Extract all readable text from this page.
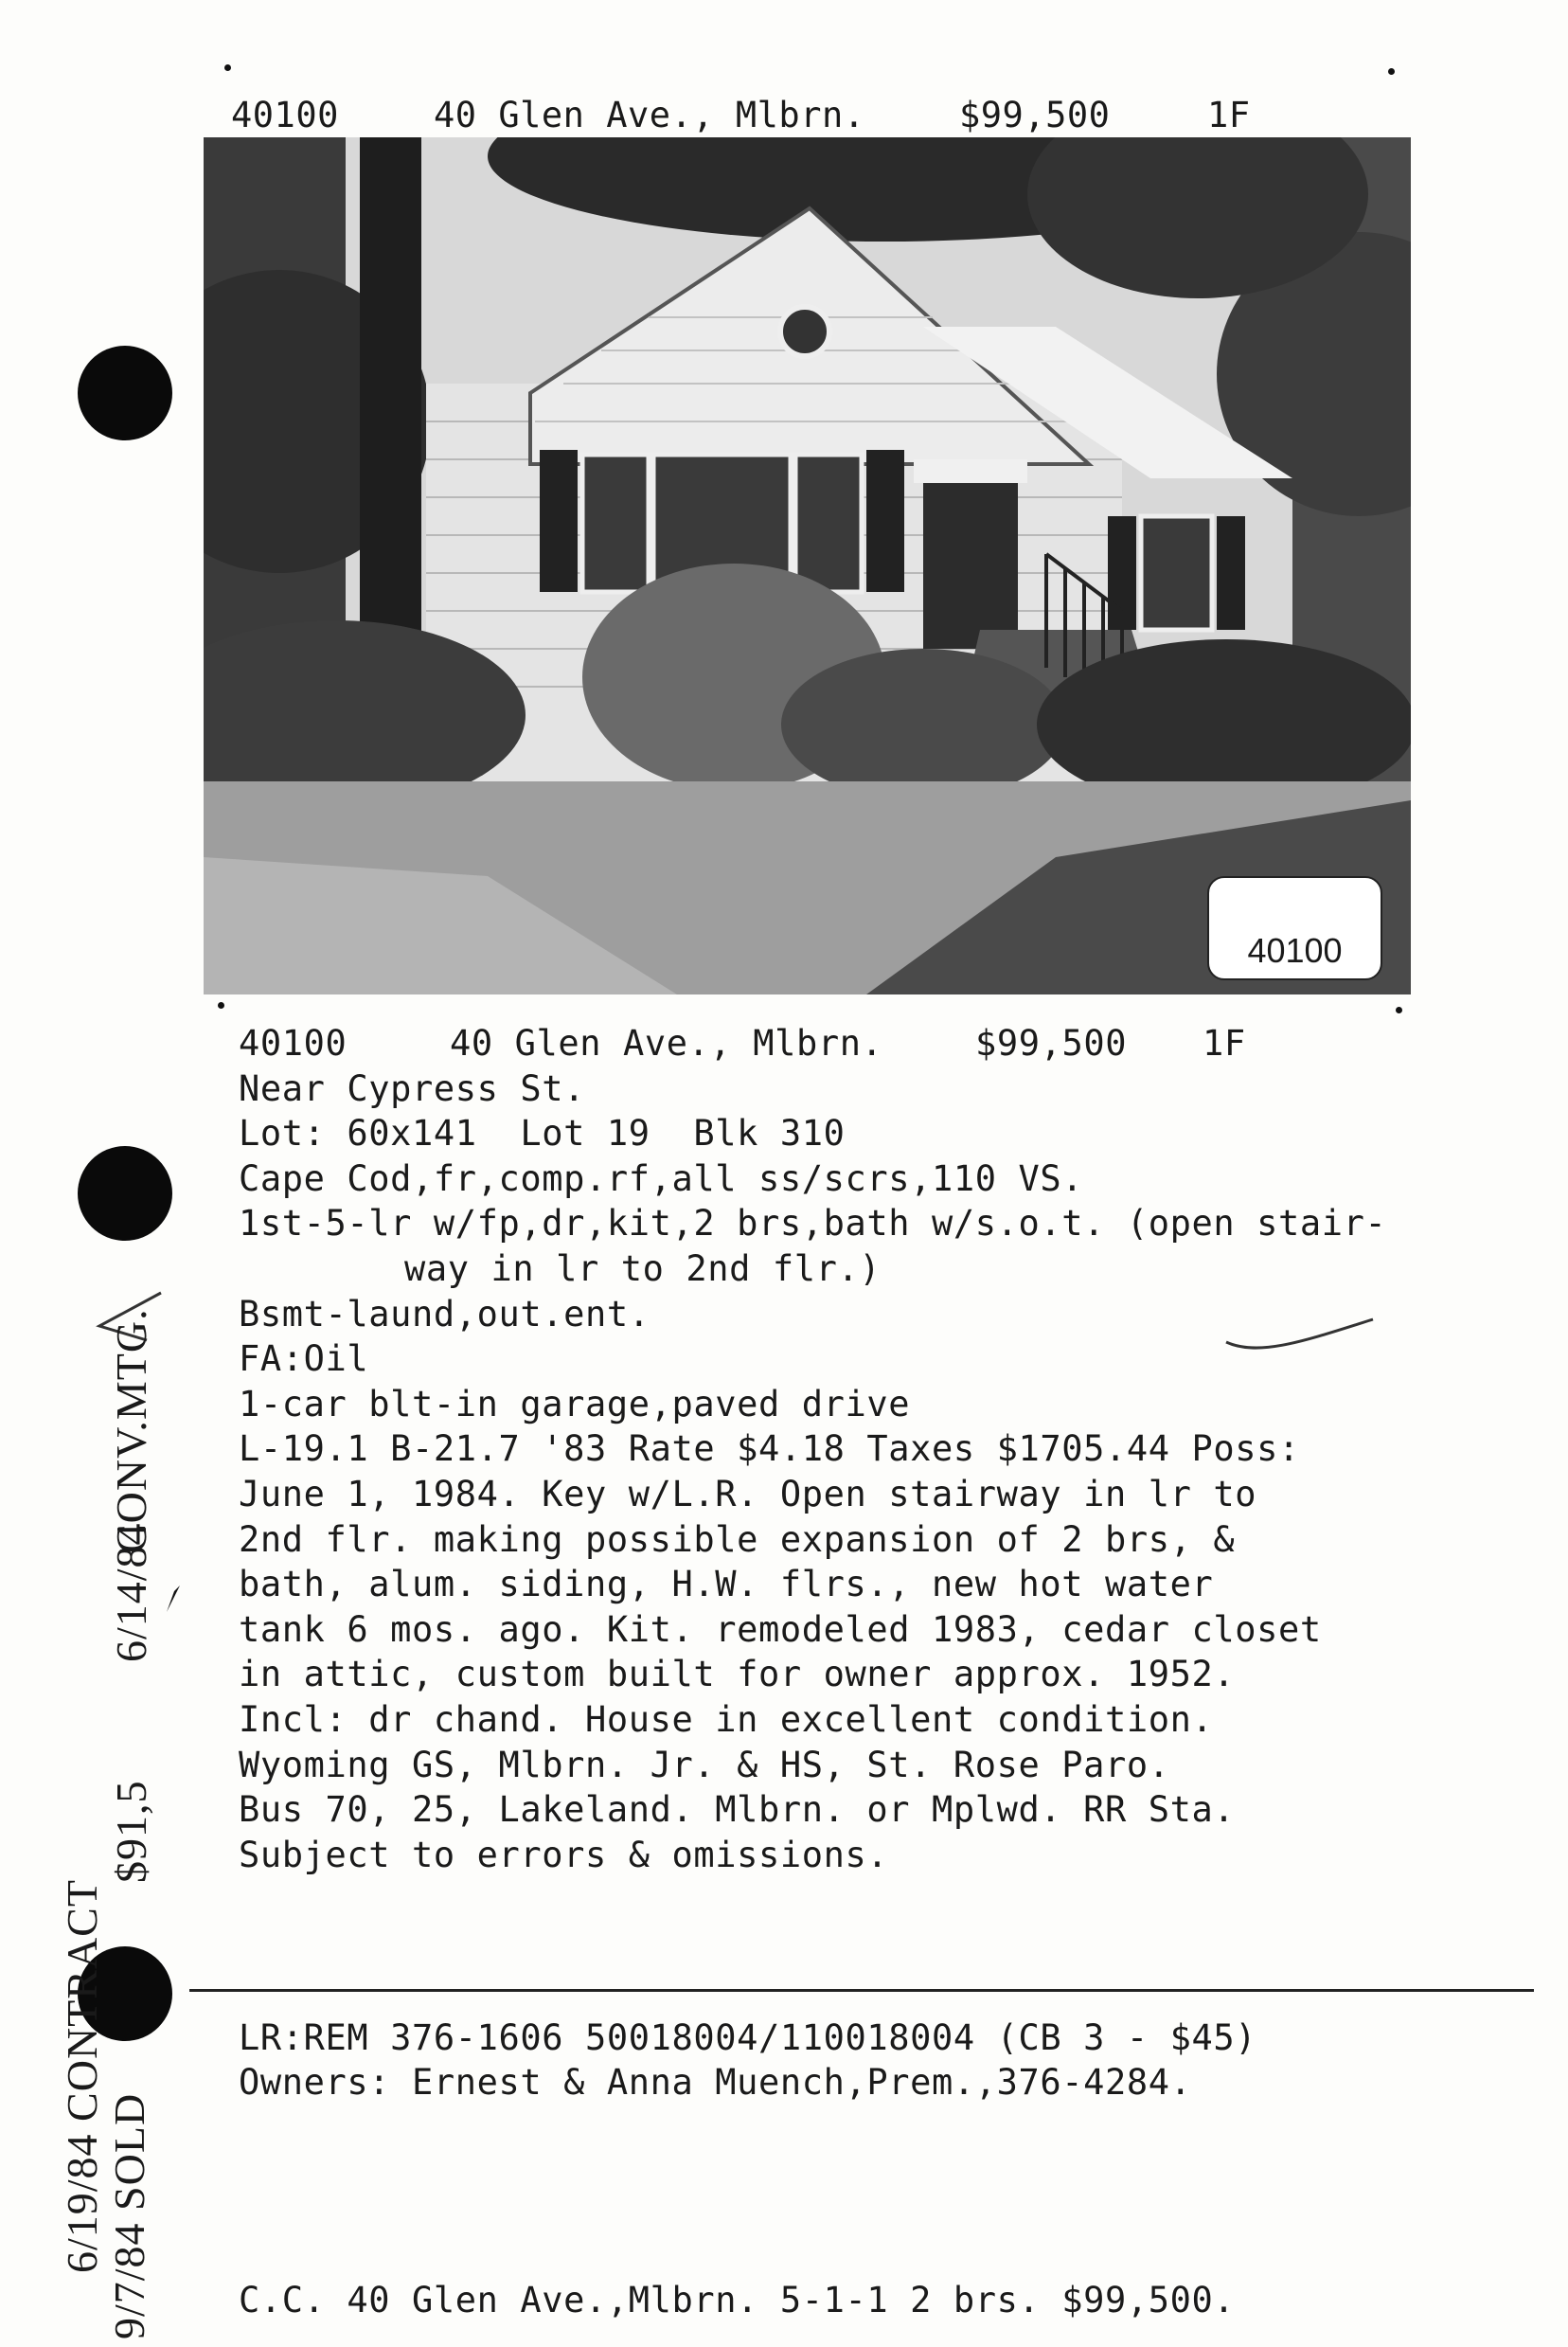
40100	40 Glen Ave., Mlbrn.	$99,500	1F
40100
40100	40 Glen Ave., Mlbrn.	$99,500	1F
Near Cypress St.
Lot: 60x141  Lot 19  Blk 310
Cape Cod,fr,comp.rf,all ss/scrs,110 VS.
1st-5-lr w/fp,dr,kit,2 brs,bath w/s.o.t. (open stair-
way in lr to 2nd flr.)
Bsmt-laund,out.ent.
FA:Oil
1-car blt-in garage,paved drive
L-19.1 B-21.7 '83 Rate $4.18 Taxes $1705.44 Poss:
June 1, 1984. Key w/L.R. Open stairway in lr to
2nd flr. making possible expansion of 2 brs, &
bath, alum. siding, H.W. flrs., new hot water
tank 6 mos. ago. Kit. remodeled 1983, cedar closet
in attic, custom built for owner approx. 1952.
Incl: dr chand. House in excellent condition.
Wyoming GS, Mlbrn. Jr. & HS, St. Rose Paro.
Bus 70, 25, Lakeland. Mlbrn. or Mplwd. RR Sta.
Subject to errors & omissions.
LR:REM 376-1606 50018004/110018004 (CB 3 - $45)
Owners: Ernest & Anna Muench,Prem.,376-4284.
C.C. 40 Glen Ave.,Mlbrn. 5-1-1 2 brs. $99,500.
6/19/84 CONTRACT 9/7/84 SOLD
$91,5
6/14/84
CONV.MTG.
